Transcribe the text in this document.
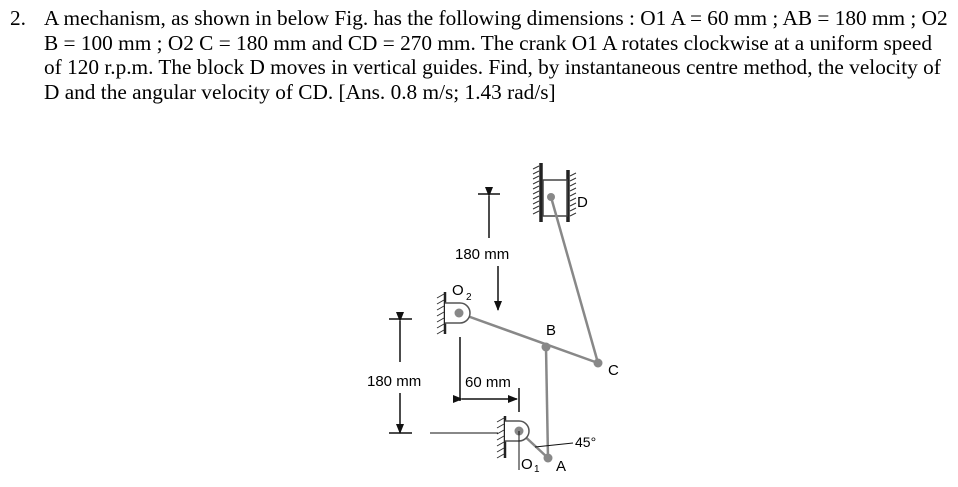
2. A mechanism, as shown in below Fig. has the following dimensions : O1 A = 60 mm ; AB = 180 mm ; O2 B = 100 mm ; O2 C = 180 mm and CD = 270 mm. The crank O1 A rotates clockwise at a uniform speed of 120 r.p.m. The block D moves in vertical guides. Find, by instantaneous centre method, the velocity of D and the angular velocity of CD. [Ans. 0.8 m/s; 1.43 rad/s]
D
B
C
A
O 2
O 1
180 mm
180 mm	60 mm
45°
